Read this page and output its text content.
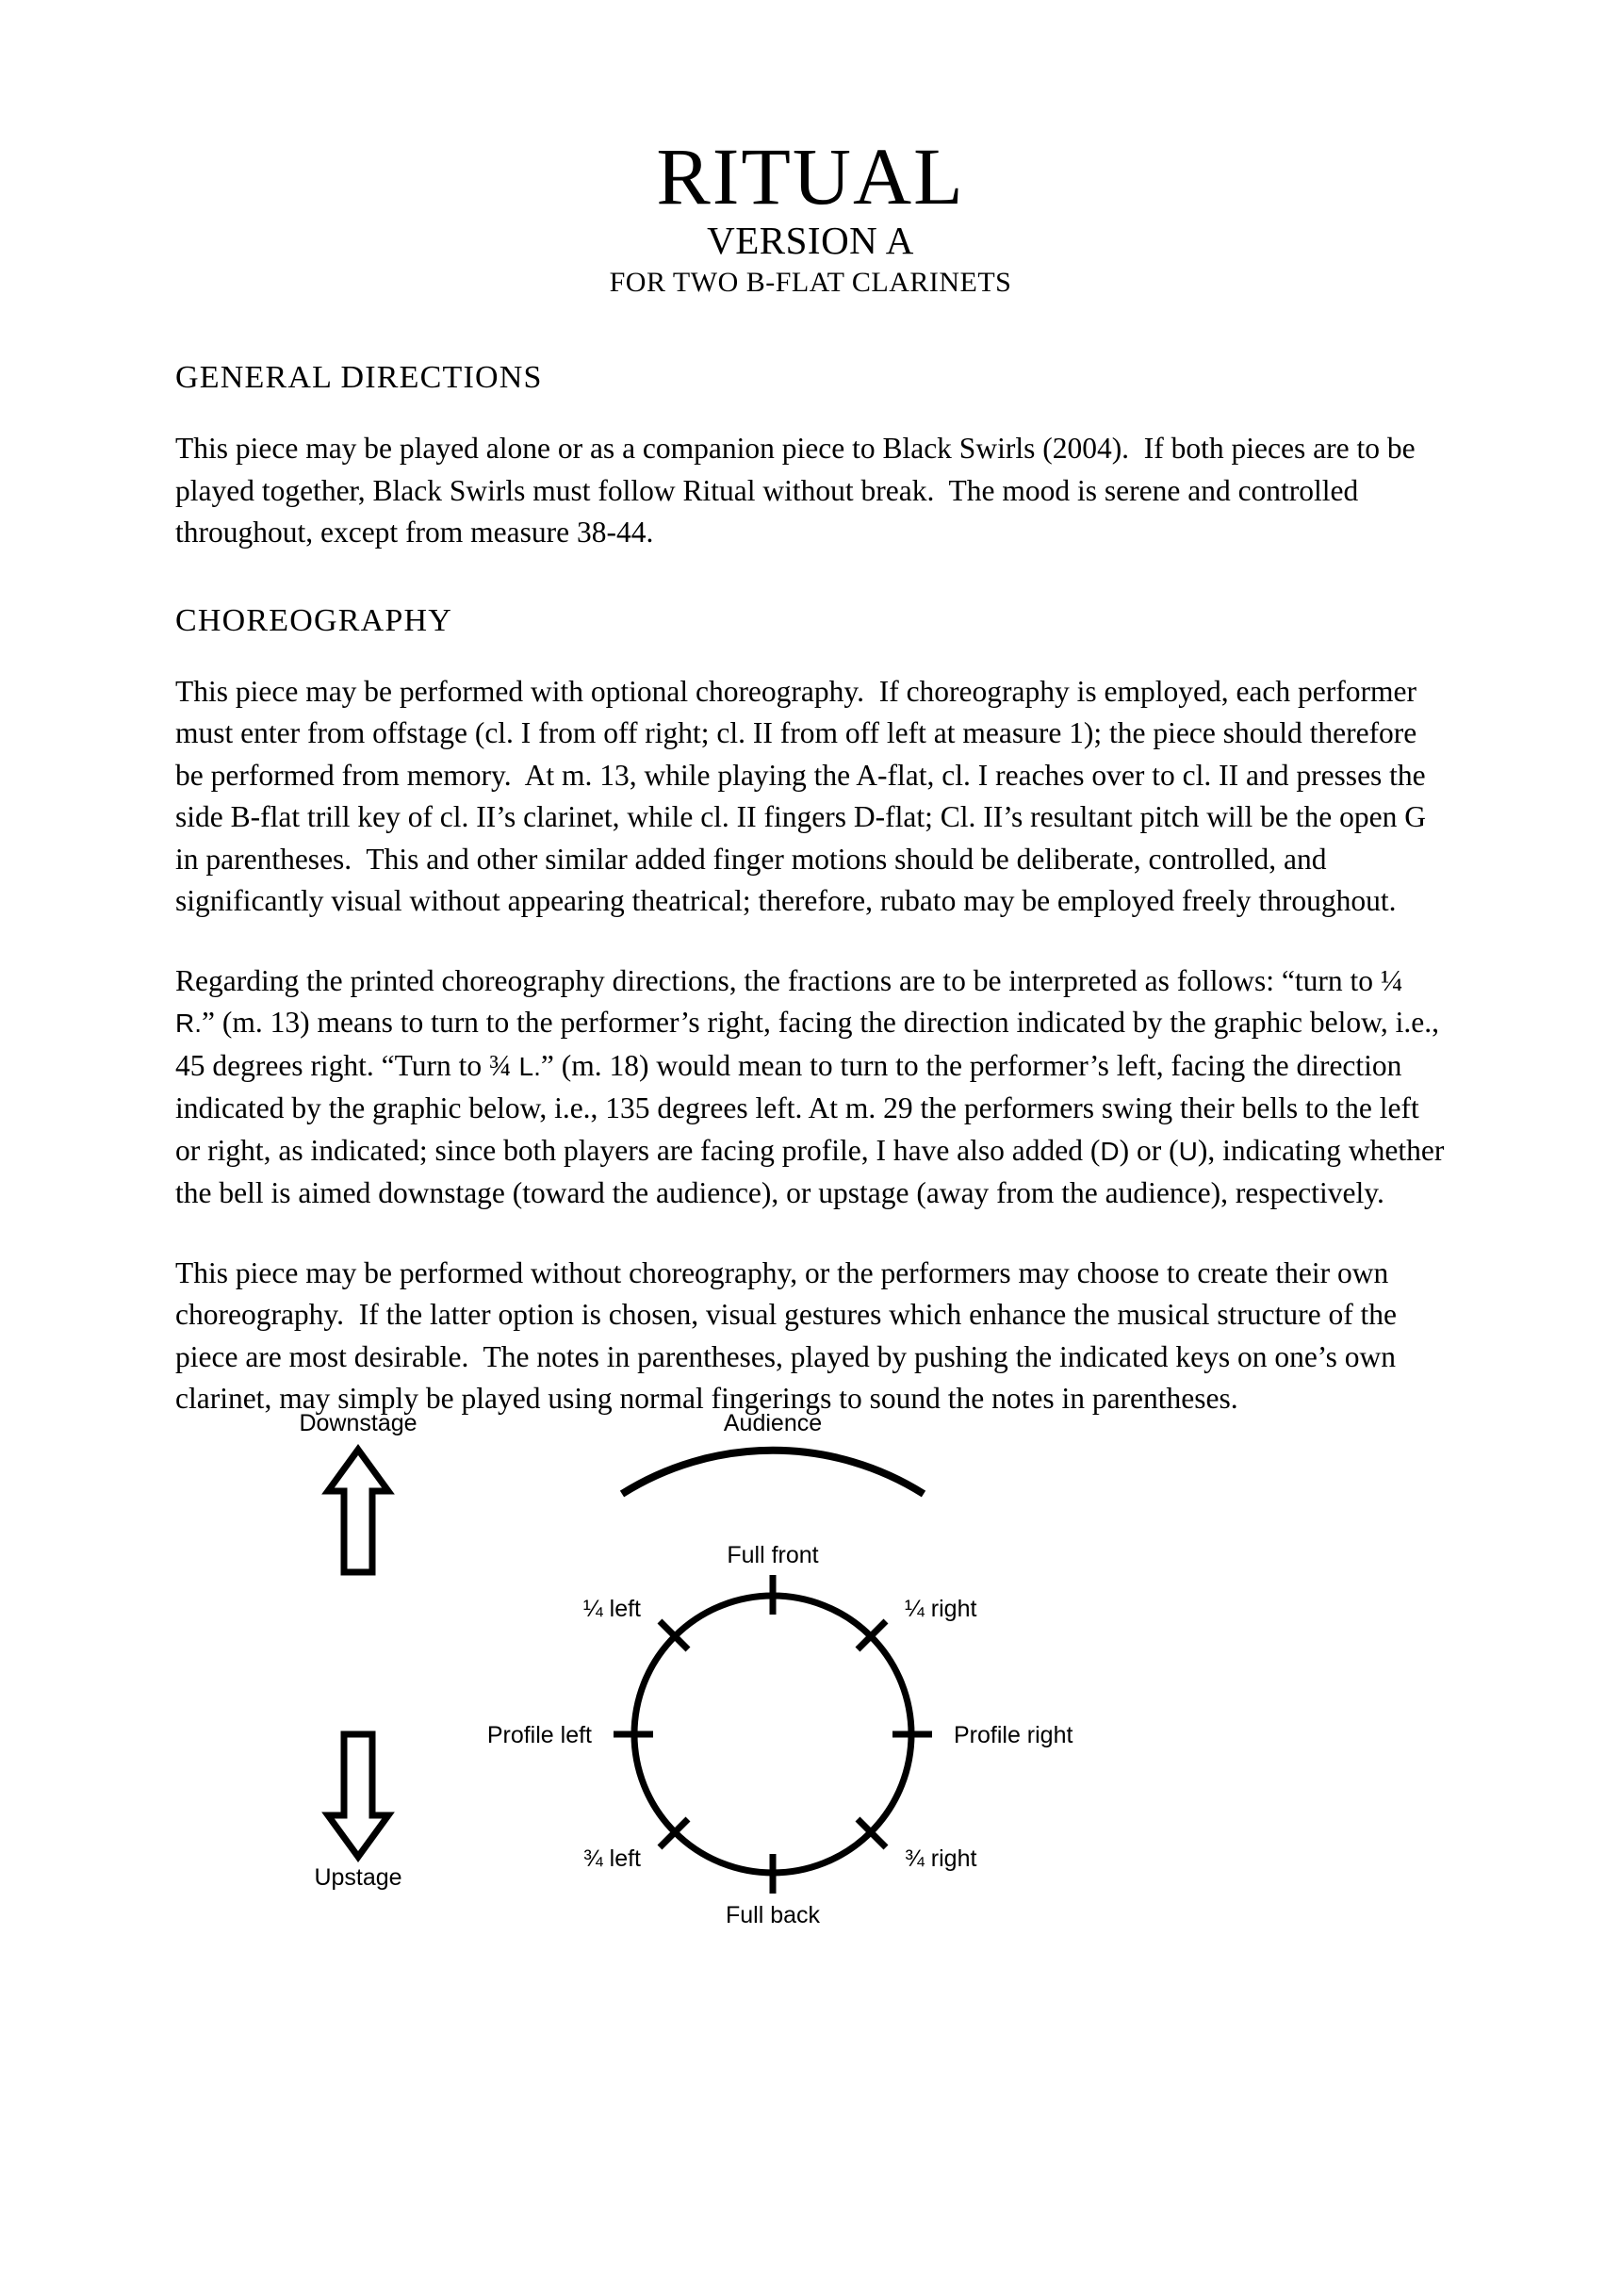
RITUAL
VERSION A
FOR TWO B-FLAT CLARINETS
GENERAL DIRECTIONS

This piece may be played alone or as a companion piece to Black Swirls (2004).  If both pieces are to be played together, Black Swirls must follow Ritual without break.  The mood is serene and controlled throughout, except from measure 38-44.

CHOREOGRAPHY

This piece may be performed with optional choreography.  If choreography is employed, each performer must enter from offstage (cl. I from off right; cl. II from off left at measure 1); the piece should therefore be performed from memory.  At m. 13, while playing the A-flat, cl. I reaches over to cl. II and presses the side B-flat trill key of cl. II’s clarinet, while cl. II fingers D-flat; Cl. II’s resultant pitch will be the open G in parentheses.  This and other similar added finger motions should be deliberate, controlled, and significantly visual without appearing theatrical; therefore, rubato may be employed freely throughout.

Regarding the printed choreography directions, the fractions are to be interpreted as follows: “turn to ¼ R.” (m. 13) means to turn to the performer’s right, facing the direction indicated by the graphic below, i.e., 45 degrees right. “Turn to ¾ L.” (m. 18) would mean to turn to the performer’s left, facing the direction indicated by the graphic below, i.e., 135 degrees left. At m. 29 the performers swing their bells to the left or right, as indicated; since both players are facing profile, I have also added (D) or (U), indicating whether the bell is aimed downstage (toward the audience), or upstage (away from the audience), respectively.

This piece may be performed without choreography, or the performers may choose to create their own choreography.  If the latter option is chosen, visual gestures which enhance the musical structure of the piece are most desirable.  The notes in parentheses, played by pushing the indicated keys on one’s own clarinet, may simply be played using normal fingerings to sound the notes in parentheses.

Downstage
Upstage
Audience
Full front
¼ right
Profile right
¾ right
Full back
¾ left
Profile left
¼ left
